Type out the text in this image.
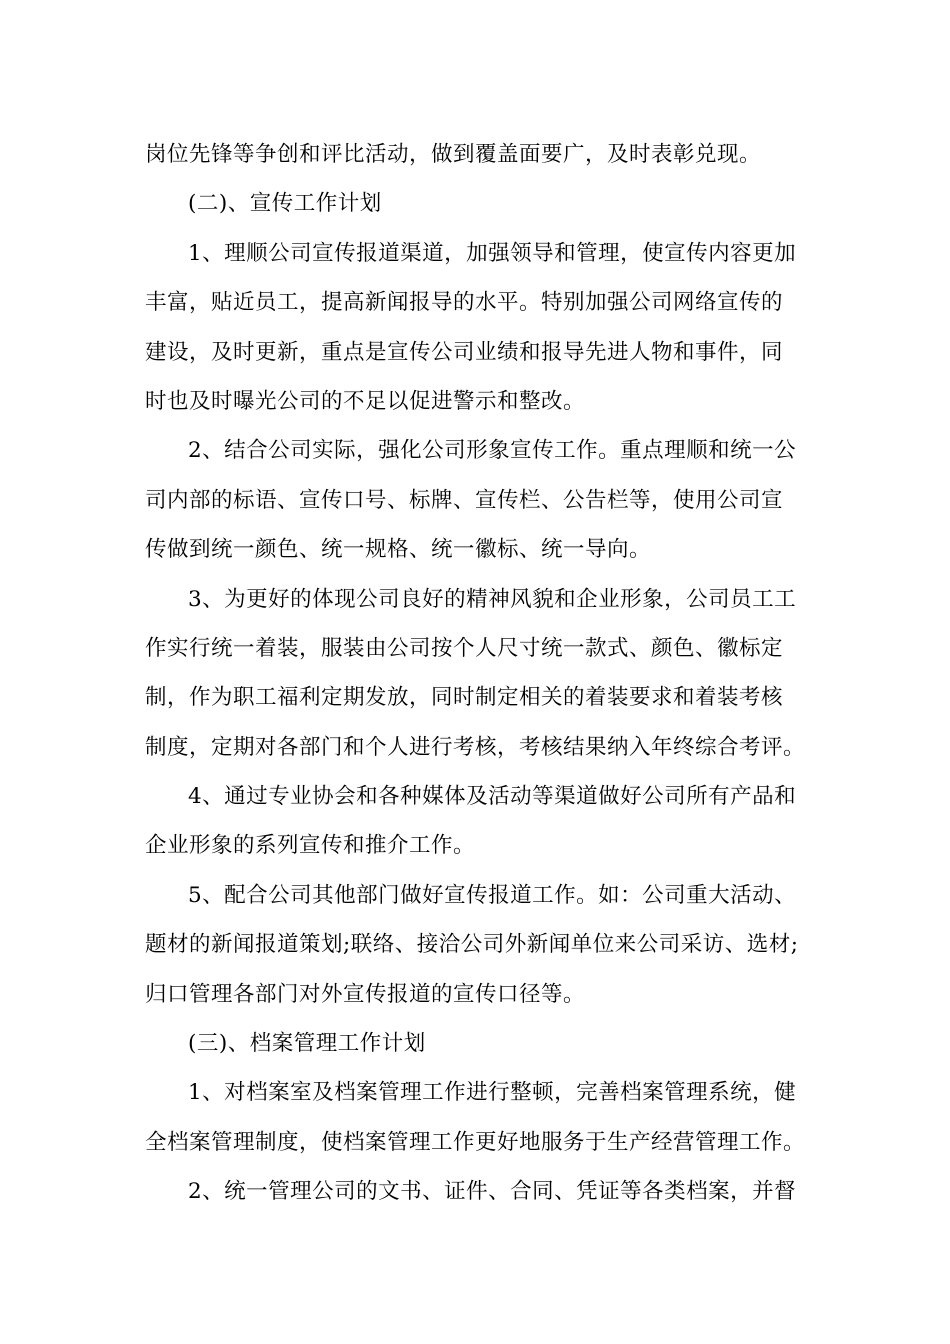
岗位先锋等争创和评比活动，做到覆盖面要广，及时表彰兑现。
(二)、宣传工作计划
1、理顺公司宣传报道渠道，加强领导和管理，使宣传内容更加
丰富，贴近员工，提高新闻报导的水平。特别加强公司网络宣传的
建设，及时更新，重点是宣传公司业绩和报导先进人物和事件，同
时也及时曝光公司的不足以促进警示和整改。
2、结合公司实际，强化公司形象宣传工作。重点理顺和统一公
司内部的标语、宣传口号、标牌、宣传栏、公告栏等，使用公司宣
传做到统一颜色、统一规格、统一徽标、统一导向。
3、为更好的体现公司良好的精神风貌和企业形象，公司员工工
作实行统一着装，服装由公司按个人尺寸统一款式、颜色、徽标定
制，作为职工福利定期发放，同时制定相关的着装要求和着装考核
制度，定期对各部门和个人进行考核，考核结果纳入年终综合考评。
4、通过专业协会和各种媒体及活动等渠道做好公司所有产品和
企业形象的系列宣传和推介工作。
5、配合公司其他部门做好宣传报道工作。如：公司重大活动、
题材的新闻报道策划;联络、接洽公司外新闻单位来公司采访、选材;
归口管理各部门对外宣传报道的宣传口径等。
(三)、档案管理工作计划
1、对档案室及档案管理工作进行整顿，完善档案管理系统，健
全档案管理制度，使档案管理工作更好地服务于生产经营管理工作。
2、统一管理公司的文书、证件、合同、凭证等各类档案，并督
